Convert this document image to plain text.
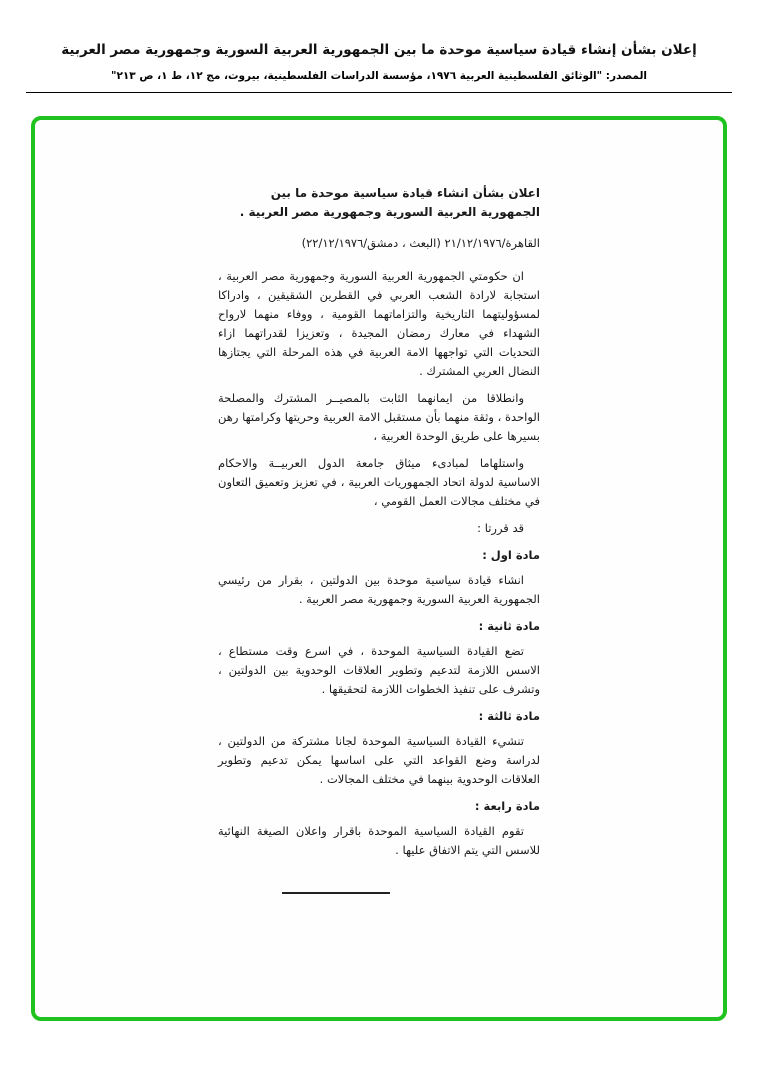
إعلان بشأن إنشاء قيادة سياسية موحدة ما بين الجمهورية العربية السورية وجمهورية مصر العربية
المصدر: "الوثائق الفلسطينية العربية ١٩٧٦، مؤسسة الدراسات الفلسطينية، بيروت، مج ١٢، ط ١، ص ٢١٣"

اعلان بشأن انشاء قيادة سياسية موحدة ما بين الجمهورية العربية السورية وجمهورية مصر العربية .

القاهرة/٢١/١٢/١٩٧٦ (البعث ، دمشق/٢٢/١٢/١٩٧٦)

ان حكومتي الجمهورية العربية السورية وجمهورية مصر العربية ، استجابة لارادة الشعب العربي في القطرين الشقيقين ، وادراكا لمسؤوليتهما التاريخية والتزاماتهما القومية ، ووفاء منهما لارواح الشهداء في معارك رمضان المجيدة ، وتعزيزا لقدراتهما ازاء التحديات التي تواجهها الامة العربية في هذه المرحلة التي يجتازها النضال العربي المشترك .

وانطلاقا من ايمانهما الثابت بالمصيــر المشترك والمصلحة الواحدة ، وثقة منهما بأن مستقبل الامة العربية وحريتها وكرامتها رهن بسيرها على طريق الوحدة العربية ،

واستلهاما لمبادىء ميثاق جامعة الدول العربيــة والاحكام الاساسية لدولة اتحاد الجمهوريات العربية ، في تعزيز وتعميق التعاون في مختلف مجالات العمل القومي ،

قد قررتا :

مادة اول :

انشاء قيادة سياسية موحدة بين الدولتين ، بقرار من رئيسي الجمهورية العربية السورية وجمهورية مصر العربية .

مادة ثانية :

تضع القيادة السياسية الموحدة ، في اسرع وقت مستطاع ، الاسس اللازمة لتدعيم وتطوير العلاقات الوحدوية بين الدولتين ، وتشرف على تنفيذ الخطوات اللازمة لتحقيقها .

مادة ثالثة :

تنشيء القيادة السياسية الموحدة لجانا مشتركة من الدولتين ، لدراسة وضع القواعد التي على اساسها يمكن تدعيم وتطوير العلاقات الوحدوية بينهما في مختلف المجالات .

مادة رابعة :

تقوم القيادة السياسية الموحدة باقرار واعلان الصيغة النهائية للاسس التي يتم الاتفاق عليها .
